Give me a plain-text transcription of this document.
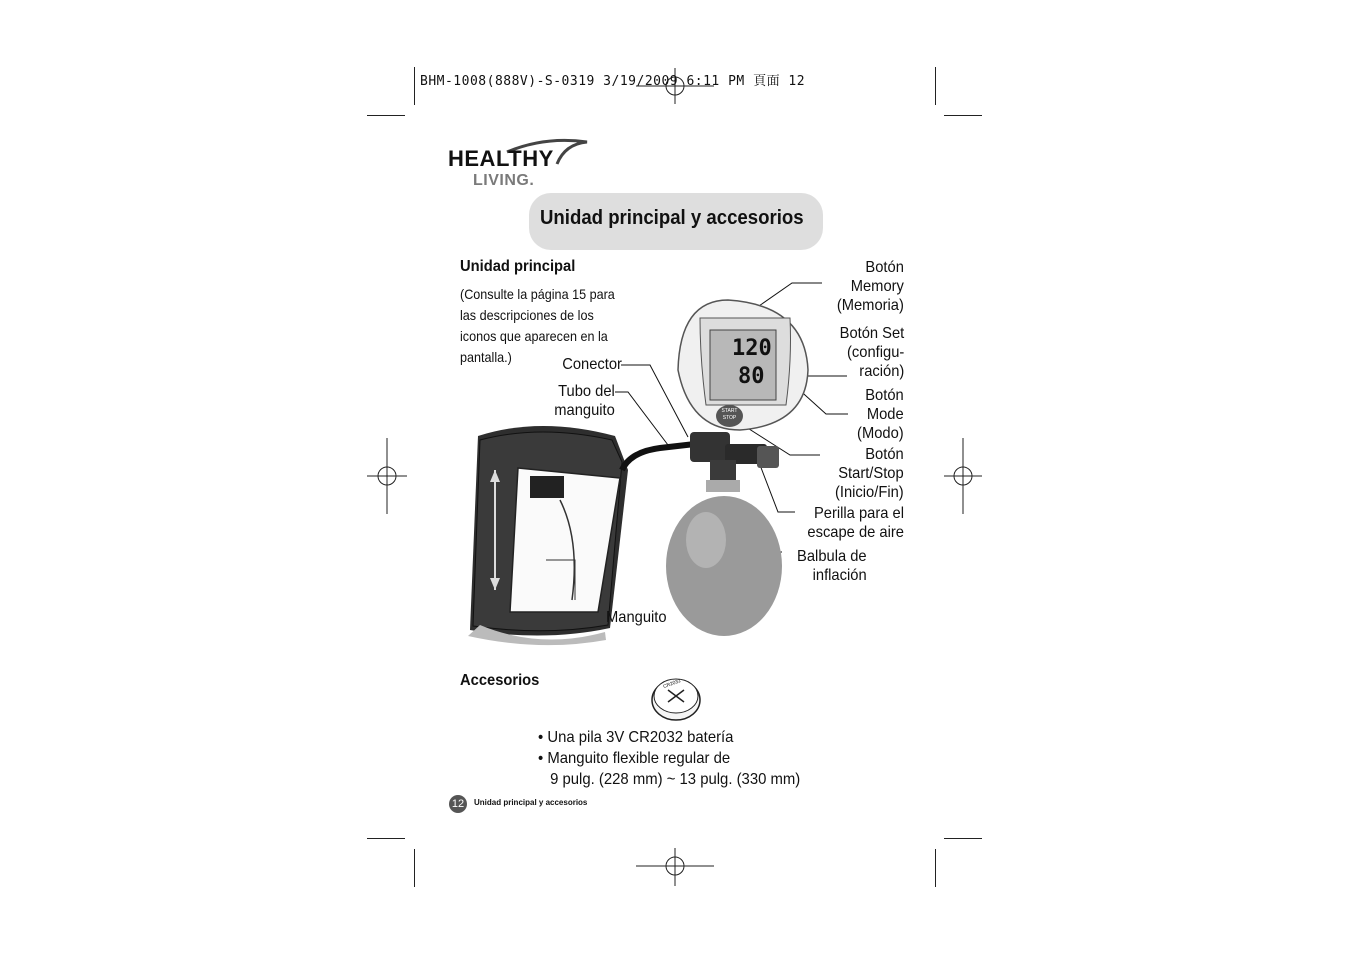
BHM-1008(888V)-S-0319 3/19/2009 6:11 PM 頁面 12
HEALTHY
LIVING.
Unidad principal y accesorios
Unidad principal
(Consulte la página 15 para las descripciones de los iconos que aparecen en la pantalla.)	120
80
START
STOP
CR2032
Botón
Memory
(Memoria)
Botón Set
(configu-
ración)
Botón
Mode
(Modo)
Botón
Start/Stop
(Inicio/Fin)
Perilla para el
escape de aire
Balbula de
inflación
Conector
Tubo del
manguito
Manguito
Accesorios
• Una pila 3V CR2032 batería
• Manguito flexible regular de
9 pulg. (228 mm) ~ 13 pulg. (330 mm)
12	Unidad principal y accesorios
